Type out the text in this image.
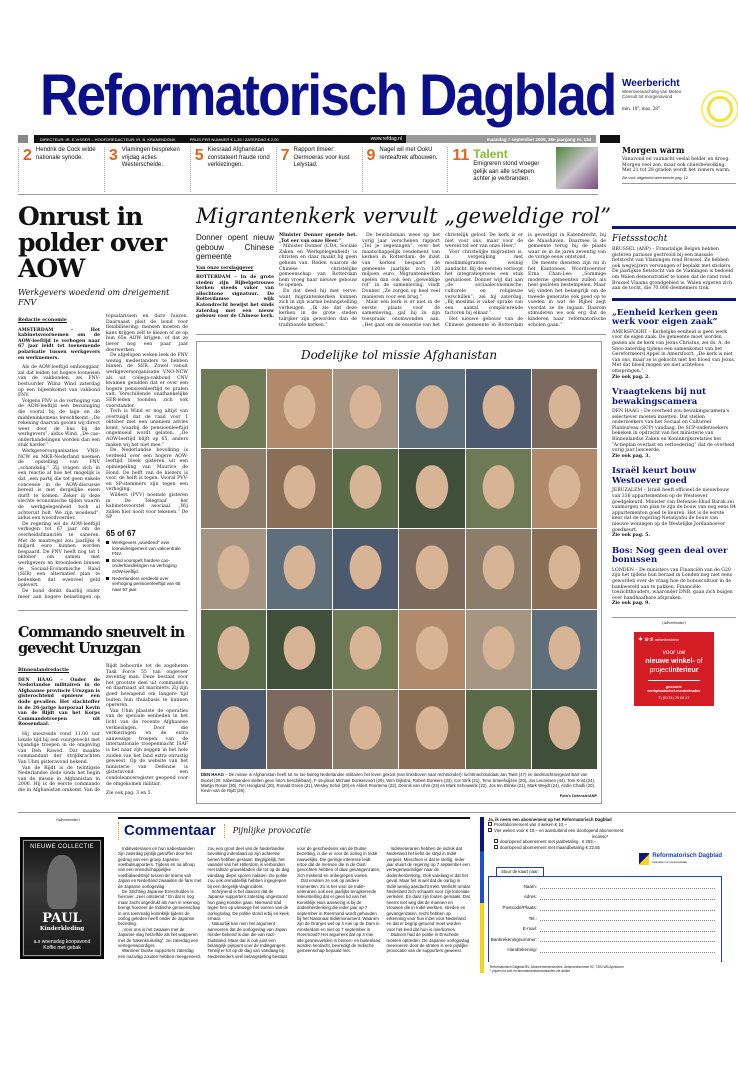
Reformatorisch Dagblad Weerbericht
Weersverwachting van Meteo Consult tot morgenavond
min. 10°, max. 28°
DIRECTEUR: IR. E.VISSER – HOOFDREDACTEUR: IR. B. KRANENDONK	PRIJS PER NUMMER € 1,35 / ZATERDAG € 2,00	www.refdag.nl	maandag 7 september 2009, 39e jaargang nr. 134
2 Hendrik de Cock wilde nationale synode.	3 Vlamingen bespreken vrijdag acties Westerschelde.
5 Kiesraad Afghanistan constateert fraude rond verkiezingen.
7 Rapport Ilmeer: Oermoeras voor kust Lelystad.
9 Nagel wil met OokU renteaftrek afbouwen. 11 Talent
Emigreren stond vroeger gelijk aan alle schepen achter je verbranden.
Morgen warm

Vanavond en vannacht veelal helder en droog. Morgen veel zon, maar ook cluierbewolking. Met 21 tot 28 graden wordt het zomers warm.

Zie voor uitgebreid weerbericht pag. 12
Onrust in polder over AOW
Werkgevers woedend om dreigement FNV
Redactie economie

AMSTERDAM – Het kabinetsvoornemen om de AOW-leeftijd te verhogen naar 67 jaar leidt tot toenemende polarisatie tussen werkgevers en werknemers.

Als de AOW-leeftijd omhooggaar, zal dat leiden tot hogere looneisen van de vakbonden, zei FNV-bestuurder Wilna Wind zaterdag op een bijeenkomst van vakbond FNV.

Volgens FNV is de verhoging van de AOW-leeftijd een bezuiniging die vooral bij de lage en de middeninkomens terechtkomt. „De rekening daarvan gooien wij direct weer door de bus bij de werkgevers”, aldus Wind. „De cao-onderhandelingen worden dan een stuk harder.”

Werkgeversorganisaties VNO-NCW en MKB-Nederland noemen de opstelling van FNV „schandalig.” Zij vragen zich in een reactie af hoe het mogelijk is dat „een partij die tot geen enkele concessie in de AOW-discussie bereid is met dergelijke eisen durft te komen. Zeker in deze slechte economische tijden waarin de werkgelegenheid toch al achteruit holt. We zijn woedend”, aldus een woordvoerder.

De regering wil de AOW-leeftijd verhogen tot 67 jaar om de overheidsfinanciën te saneren. Met de maatregel zou jaarlijks 4 miljard euro kunnen worden bespaard. De FNV heeft nog tot 1 oktober om samen met werkgevers en kroonleden binnen de Sociaal-Economische Raad (SER) een alternatief plan te bedenken dat evenveel geld oplevert.

De bond denkt daarbij onder meer aan hogere belastingen op topsalarissen en dure huizen. Daarnaast pleit de bond voor flexibilisering: mensen moeten de kans krijgen zelf te kiezen of ze op hun 65e AOW krijgen, of dat ze liever nog een paar jaar doorwerken.

De afgelopen weken leek de FNV weinig medestanders te hebben binnen de SER. Zowel vanuit werkgeversorganisatie VNO-NCW als uit collega-vakbond CNV kwamen geluiden dat er over een hogere pensioenleeftijd te praten valt. Verschillende onafhankelijke SER-leden toonden zich ook voorstander.

Toch is Wind er nog altijd van overtuigd dat de raad voor 1 oktober met een unaniem advies komt, waarbij de pensioenleeftijd ongemoeid wordt gelaten. „De AOW-leeftijd blijft op 65, anders maken wij het niet mee.”

De Nederlandse bevolking is verdeeld over een hogere AOW-leeftijd, bleek gisteren uit een opiniepeiling van Maurice de Hond. De helft van de kiezers is voor, de helft is tegen. Vooral PVV- en SP-stemmers zijn tegen een verhoging.

Wilders (PVV) noemde gisteren in De Telegraaf het kabinetsvoorstel asociaal. „Wij zullen hier nooit voor tekenen.” De SP

65 of 67
Werkgevers „woedend” over looneidreigement van vakcentrale FNV.
Bond voorspelt hardere cao-onderhandelingen na verhoging AOW-leeftijd.
Nederlanders verdeeld over verhoging pensioenleeftijd van 65 naar 67 jaar.
Commando sneuvelt in gevecht Uruzgan
Binnenlandredactie

DEN HAAG – Onder de Nederlandse militairen in de Afghaanse provincie Uruzgan is gisterochtend opnieuw een dode gevallen. Het slachtoffer is de 26-jarige korporaal Kevin van de Rijdt van het Korps Commandotroepen uit Roosendaal.

Hij sneuvelde rond 11.00 uur lokale tijd bij een vuurgevecht met vijandige troepen in de omgeving van Deh Rawod. Dat maakte commandant der strijdkrachten Van Uhm gisteravond bekend.

Van de Rijdt is de twintigste Nederlandse dode sinds het begin van de missie in Afghanistan in 2006. Hij is de eerste commando die in Afghanistan omkomt. Van de Rijdt behoorde tot de zogeheten Task Force 55 van ongeveer zeventig man. Deze bestaat voor het grootste deel uit commando's en daarnaast uit mariniers. Zij zijn goed bewapend om langere tijd buiten hun thuisbasis te kunnen opereren.

Van Uhm plaatste de operaties van de speciale eenheden in het licht van de recente Afghaanse verkiezingen. Door die verkiezingen en de extra aanwezige troepen van de internationale troepenmacht ISAF is het naar zijn zeggen in het hele zuiden van het land extra onrustig geweest. Op de website van het ministerie van Defensie is gisteravond een condoleanceregister geopend voor de omgekomen militair.

Zie ook pag. 3 en 5.
Migrantenkerk vervult „geweldige rol”
Donner opent nieuw gebouw Chinese gemeente
Van onze verslaggever

ROTTERDAM – In de grote steden zijn Bijbelgetrouwe kerken steeds vaker van allochtone signatuur. De Rotterdamse wijk Katendrecht bewijst het sinds zaterdag met een nieuw gebouw voor de Chinese kerk. Minister Donner opende het. „Tot eer van onze Heer.”

Minister Donner (CDA, Sociale Zaken en Werkgelegenheid) is christen en daar maakt hij geen geheim van. Reden waarom de Chinese christelijke gemeenschap van Rotterdam hem vroeg haar nieuwe gebouw te openen.

En dat deed hij met verve, want migrantenkerken kunnen zich in zijn warme belangstelling verheugen. „Ik zie dat deze kerken in de grote steden talrijker zijn geworden dan de traditionele kerken.”

De bewindsman wees op het vorig jaar verschenen rapport „Tel je zegeningen”, over het maatschappelijk rendement van kerken in Rotterdam: de inzet van kerken bespaart de gemeente jaarlijks zo'n 120 miljoen euro. Migrantenkerken spelen dan ook een „geweldige rol” in de samenleving, vindt Donner. „Ze zorgen op heel veel manieren voor een brug.”

Maar een kerk is er niet in de eerste plaats voor de samenleving, gaf hij in zijn toespraak onomwonden aan. „Het gaat om de essentie van het christelijk geloof. De kerk is er niet voor ons, maar voor de wereld tot eer van onze Heer.”

Voor christelijke migranten is, in vergelijking met moslimmigranten, weinig aandacht. Bij de eersten verloopt het integratieproces een stuk geruisloser. Donner wijt dat aan „de sociaaleconomische, culturele en religieuze verschillen”, zei hij zaterdag. „Bij moslims is vaker sprake van een aantal complicerende factoren bij elkaar.”

Het nieuwe gebouw van de Chinese gemeente in Rotterdam is gevestigd in Katendrecht, bij de Maashaven. Daarmee is de gemeente terug bij de plaats waar ze in de jaren zeventig van de vorige eeuw ontstond.

De meeste diensten zijn nu in het Kantonees. Woordvoerster Erna Chan-Lee: „Sommige moderne gemeenten zullen als heel gesloten bestempelen. Maar wij vinden het belangrijk om de tweede generatie ook goed op te voeden in wat de Bijbel zegt voordat ze de ingaan. Daarom stimuleren we ook erg dat de kinderen naar reformatorische scholen gaan.”

Dodelijke tol missie Afghanistan
DEN HAAG – De missie in Afghanistan heeft tot nu toe twintig Nederlandse militairen het leven gekost (van linksboven naar rechtsonder): luchtmachtsoldaat Jan Twist (47) en landmachtsergeant Bart van Boxtel (29; nabestaanden stellen geen foto's beschikbaar), F-16-piloot Michael Donkervoort (29), Wim Dijkstra, Robert Donkers (33), Cor Strik (21), Timo Smeehuijzen (20), Jos Leunissen (44), Tom Krist (24), Martijn Rosier (30), Tim Hoogland (20), Ronald Groen (21), Wesley Schol (20) en Aldert Poortema (22), Dennis van Uhm (23) en Mark Schouwink (22), Jos ten Brinke (21), Mark Weijdt (24), Azdin Chadli (20), Kevin van de Rijdt (26).
Foto's Defensie/ANP
Fietssstocht

BRUSSEL (ANP) – Franstalige Belgen hebben gisteren paraisse gestroold bij een massale fietstocht van Vlamingen rond Brussel. Ze hebben ook wegwijzers verwangen of beplakt met stickers. De jaarlijkse fietstocht van de Vlamingen is bedoeld om Walen demonstratief te tonen dat de rand rond Brussel Vlaams grondgebied is. Walen ergeren zich aan de tocht, die 70.000 deelnemers trok.

„Eenheid kerken geen werk voor eigen zaak”

AMERSFOORT – Kerkelijke eenheid is geen werk voor de eigen zaak. De gemeente moet worden gezien als de kerk van Jezus Christus, zei ds. A. de Snoo zaterdag tijdens een samenkomst van het Gereformeerd Appel in Amersfoort. „De kerk is niet van ons, maar ze is gekocht met het bloed van Jezus. Met dat bloed mogen we niet achteloos omspringen.”

Zie ook pag. 2.
Vraagtekens bij nut bewakingscamera

DEN HAAG – De overheid zou bewakingscamera's selectiever moeten inzetten. Dat stellen onderzoekers van het Sociaal en Cultureel Planbureau (SCP) vandaag. De SCP-onderzoekers bekeken in opdracht van het ministerie van Binnenlandse Zaken en Koninkrijksrelaties het “Actieplan overlast en verloedering” dat de overheid vorig jaar lanceerde.

Zie ook pag. 3.
Israël keurt bouw Westoever goed

JERUZALEM – Israël heeft officieel de nieuwbouw van 336 appartementen op de Westoever goedgekeurd. Minister van Defensie Ehud Barak zei vanmorgen van plan te zijn de bouw van nog eens 84 appartementen goed te keuren. Het is de eerste keer dat de regering-Netanyahu de bouw van nieuwe woningen op de Westelijke Jordaanoever goedkeurt.

Zie ook pag. 5.
Bos: Nog geen deal over bonussen

LONDEN – De ministers van Financiën van de G20 zijn het tijdens hun beraad in Londen nog niet eens geworden over de vraag hoe de bonuscultuur in de bankwereld aan te pakken. Financiële toezichthouders, waaronder DNB, gaan zich buigen over handhaafbare afspraken.

Zie ook pag. 9.
(Advertentie)
✦ a·s winkelinrichters
voor uw
nieuwe winkel- of
projectinterieur
gezocht:
werkplaatschef-meubelmaker
T| (0174) 29 09 47
(Advertentie)
NIEUWE COLLECTIE
PAUL
Kinderkleding
a.s woensdag koopavond
Koffie met gebak
Commentaar Pijnlijke provocatie

Indiëveteranen en hun nabestaanden zijn zaterdag pijnlijk getroffen door het gedrag van een groep Japanse voetbalsupporters. Tijdens en na afloop van een vriendschappelijke voetbalwedstrijd tussen de teams van Japan en Nederland zwaaiden de fans met de Japanse oorlogsvlag.

De Stichting Japanse Ereschulden is hierover „zeer ontstemd.” En dat is nog maar zacht uitgedrukt als men in rekening brengt hoezeer de Indische gemeenschap in ons toenmalig koninkrijk tijdens de oorlog geleden heeft onder de Japanse bezetting.

„Voor ons is het zwaaien met de Japanse vlag hetzelfde als het wapperen met de hakenkruisvlag”, zei zaterdag een vertegenwoordiger.

Wanneer Duitse supporters zaterdag een nazivlag zouden hebben meegevoerd, zou een groot deel van de Nederlandse bevolking inderdaad op zijn achterste benen hebben gestaan. Begrijpelijk, het vaandel van het Hitlerdom is verbonden met talloze gruweldaden die tot op de dag vandaag diepe sporen nalaten. De politie zou ook onmiddellijk hebben ingegrepen bij een dergelijk vlagincident.

Schrijnend is het daarom dat de Japanse supporters zaterdag ongestoord hun gang konden gaan. Niemand trad tegen hen op vanwege het voeren van de oorlogsvlag. De politie stond erbij en keek ernaar.

Natuurlijk kan men het argument aanvoeren dat de oorlogsvlag van Japan minder bekend is dan die van nazi-Duitsland. Maar dat is ook juist een belangrijk pijnpunt voor de Indiëgangers. Terwijl er tot op de dag van vandaag bij Nederlanders veel belangstelling bestaat voor de geschiedenis van de Duitse bezetting, is die er voor de oorlog in Indië nauwelijks. Die geringe interesse leidt ertoe dat de mensen die in de Oost gevochten hebben of daar gevangenzaten, zich miskend en onbegrepen voelen.

Dat ervaren ze ook op andere momenten. Zo is het voor de Indië-veteranen ook een jaarlijks terugkerende teleurstelling dat er geen lid van het Koninklijk Huis aanwezig is bij de dodenherdenking die ieder jaar op 7 september in Roermond wordt gehouden bij het Nationaal Indiëmonument. Waarom zijn de Oranjes wel op 4 mei op de Dam in Amsterdam en niet op 7 september in Roermond? Het argument dat op 4 mei alle gesneuvelden in binnen- en buitenland worden herdacht, bevredigt de Indische gemeenschap bepaald niet.

Indiëveteranen hebben de indruk dat Nederland het liefst de strijd in Indië vergeet. Misschien is dat te stellig. Ieder jaar stuurt de regering op 7 september een vertegenwoordiger naar de dodenherdenking. Ook vandaag is dat het geval. Maar feit is wel dat de oorlog in Indië weinig aandacht trekt. Wellicht omdat Nederland zich schaamt voor zijn koloniale verleden. En daar zijn fouten gemaakt. Dat neemt niet weg dat de mannen en vrouwen die in Indië werkten, streden en gevangenzaten, recht hebben op erkenning voor hun inzet voor Nederland en dat er begrip getoond moet worden voor het leed dat hun is overkomen.

Daarom had de politie in Enschede moeten optreden. De Japanse oorlogsvlag meevoeren door de straten is een pijnlijke provocatie van de supporters geweest.

Ja, ik neem een abonnement op het Reformatorisch Dagblad
Proefabonnement van 4 weken € 10,–
Vier weken voor € 10,– en aansluitend een doorlopend abonnement:
incasso*
doorlopend abonnement met jaarbetaling € 265,–
doorlopend abonnement met maandbetaling € 22,55
Reformatorisch Dagblad
betrokken en betrouwbaar
Stuur de kaart naar:
Naam:
Adres:
Postcode/Plaats:
Tel.:
E-mail:
Bankrekeningnummer:
Handtekening:
Reformatorisch Dagblad BV, Abonnementenservice, Antwoordnummer 92, 7300 WB Apeldoorn
* prijzen for kort en abonnementsvoorwaarden zie achter
